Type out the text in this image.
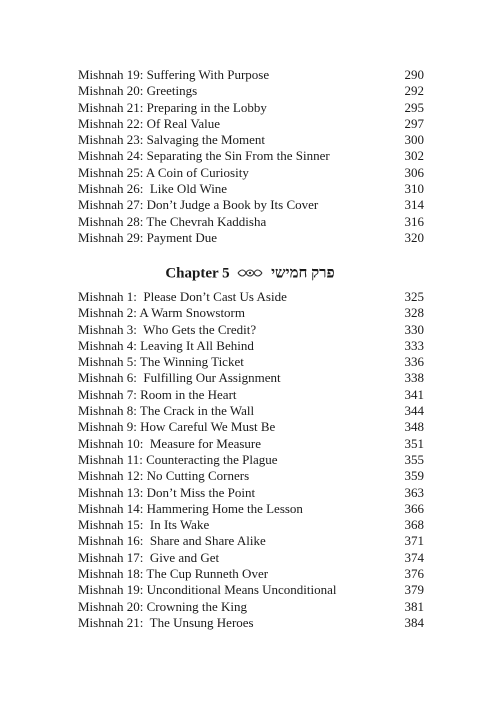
Mishnah 19: Suffering With Purpose	290
Mishnah 20: Greetings	292
Mishnah 21: Preparing in the Lobby	295
Mishnah 22: Of Real Value	297
Mishnah 23: Salvaging the Moment	300
Mishnah 24: Separating the Sin From the Sinner	302
Mishnah 25: A Coin of Curiosity	306
Mishnah 26:  Like Old Wine	310
Mishnah 27: Don’t Judge a Book by Its Cover	314
Mishnah 28: The Chevrah Kaddisha	316
Mishnah 29: Payment Due	320
Chapter 5	פרק חמישי
Mishnah 1:  Please Don’t Cast Us Aside	325
Mishnah 2: A Warm Snowstorm	328
Mishnah 3:  Who Gets the Credit?	330
Mishnah 4: Leaving It All Behind	333
Mishnah 5: The Winning Ticket	336
Mishnah 6:  Fulfilling Our Assignment	338
Mishnah 7: Room in the Heart	341
Mishnah 8: The Crack in the Wall	344
Mishnah 9: How Careful We Must Be	348
Mishnah 10:  Measure for Measure	351
Mishnah 11: Counteracting the Plague	355
Mishnah 12: No Cutting Corners	359
Mishnah 13: Don’t Miss the Point	363
Mishnah 14: Hammering Home the Lesson	366
Mishnah 15:  In Its Wake	368
Mishnah 16:  Share and Share Alike	371
Mishnah 17:  Give and Get	374
Mishnah 18: The Cup Runneth Over	376
Mishnah 19: Unconditional Means Unconditional	379
Mishnah 20: Crowning the King	381
Mishnah 21:  The Unsung Heroes	384
